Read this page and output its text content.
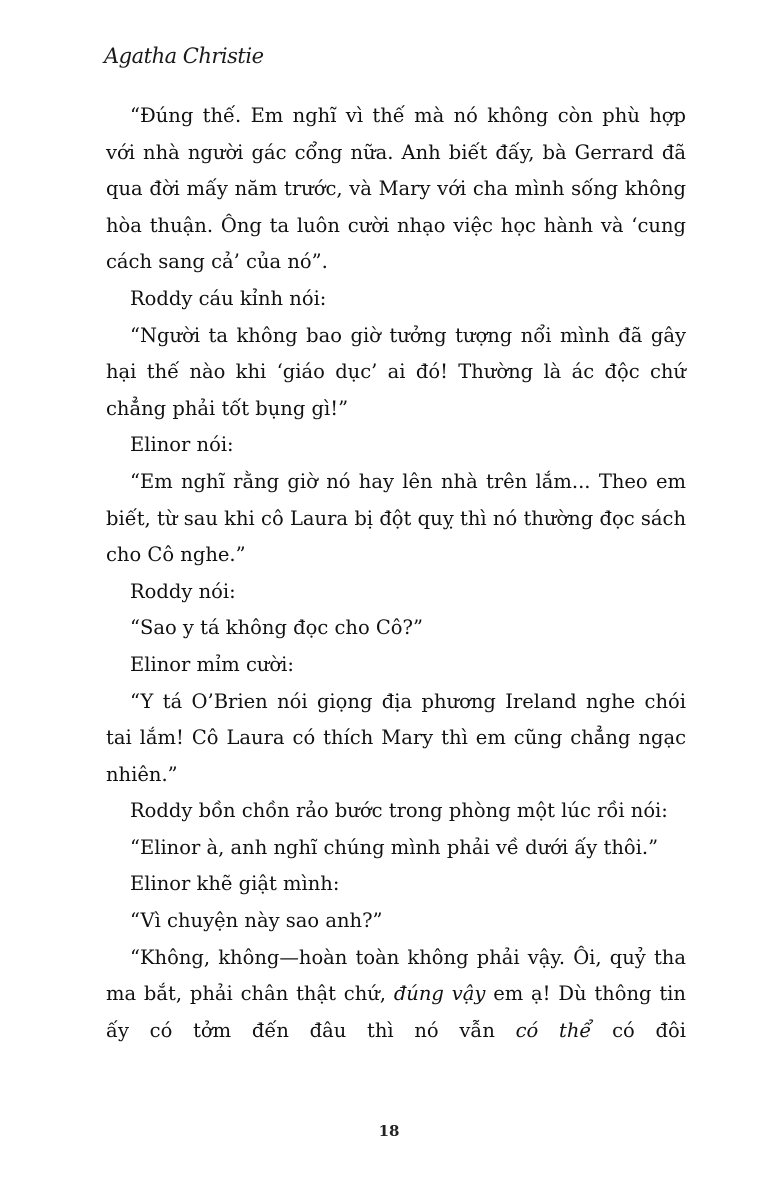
Agatha Christie

“Đúng thế. Em nghĩ vì thế mà nó không còn phù hợp với nhà người gác cổng nữa. Anh biết đấy, bà Gerrard đã qua đời mấy năm trước, và Mary với cha mình sống không hòa thuận. Ông ta luôn cười nhạo việc học hành và ‘cung cách sang cả’ của nó”.

Roddy cáu kỉnh nói:

“Người ta không bao giờ tưởng tượng nổi mình đã gây hại thế nào khi ‘giáo dục’ ai đó! Thường là ác độc chứ chẳng phải tốt bụng gì!”

Elinor nói:

“Em nghĩ rằng giờ nó hay lên nhà trên lắm... Theo em biết, từ sau khi cô Laura bị đột quỵ thì nó thường đọc sách cho Cô nghe.”

Roddy nói:

“Sao y tá không đọc cho Cô?”

Elinor mỉm cười:

“Y tá O’Brien nói giọng địa phương Ireland nghe chói tai lắm! Cô Laura có thích Mary thì em cũng chẳng ngạc nhiên.”

Roddy bồn chồn rảo bước trong phòng một lúc rồi nói:

“Elinor à, anh nghĩ chúng mình phải về dưới ấy thôi.”

Elinor khẽ giật mình:

“Vì chuyện này sao anh?”

“Không, không—hoàn toàn không phải vậy. Ôi, quỷ tha ma bắt, phải chân thật chứ, đúng vậy em ạ! Dù thông tin ấy có tởm đến đâu thì nó vẫn có thể có đôi

18
